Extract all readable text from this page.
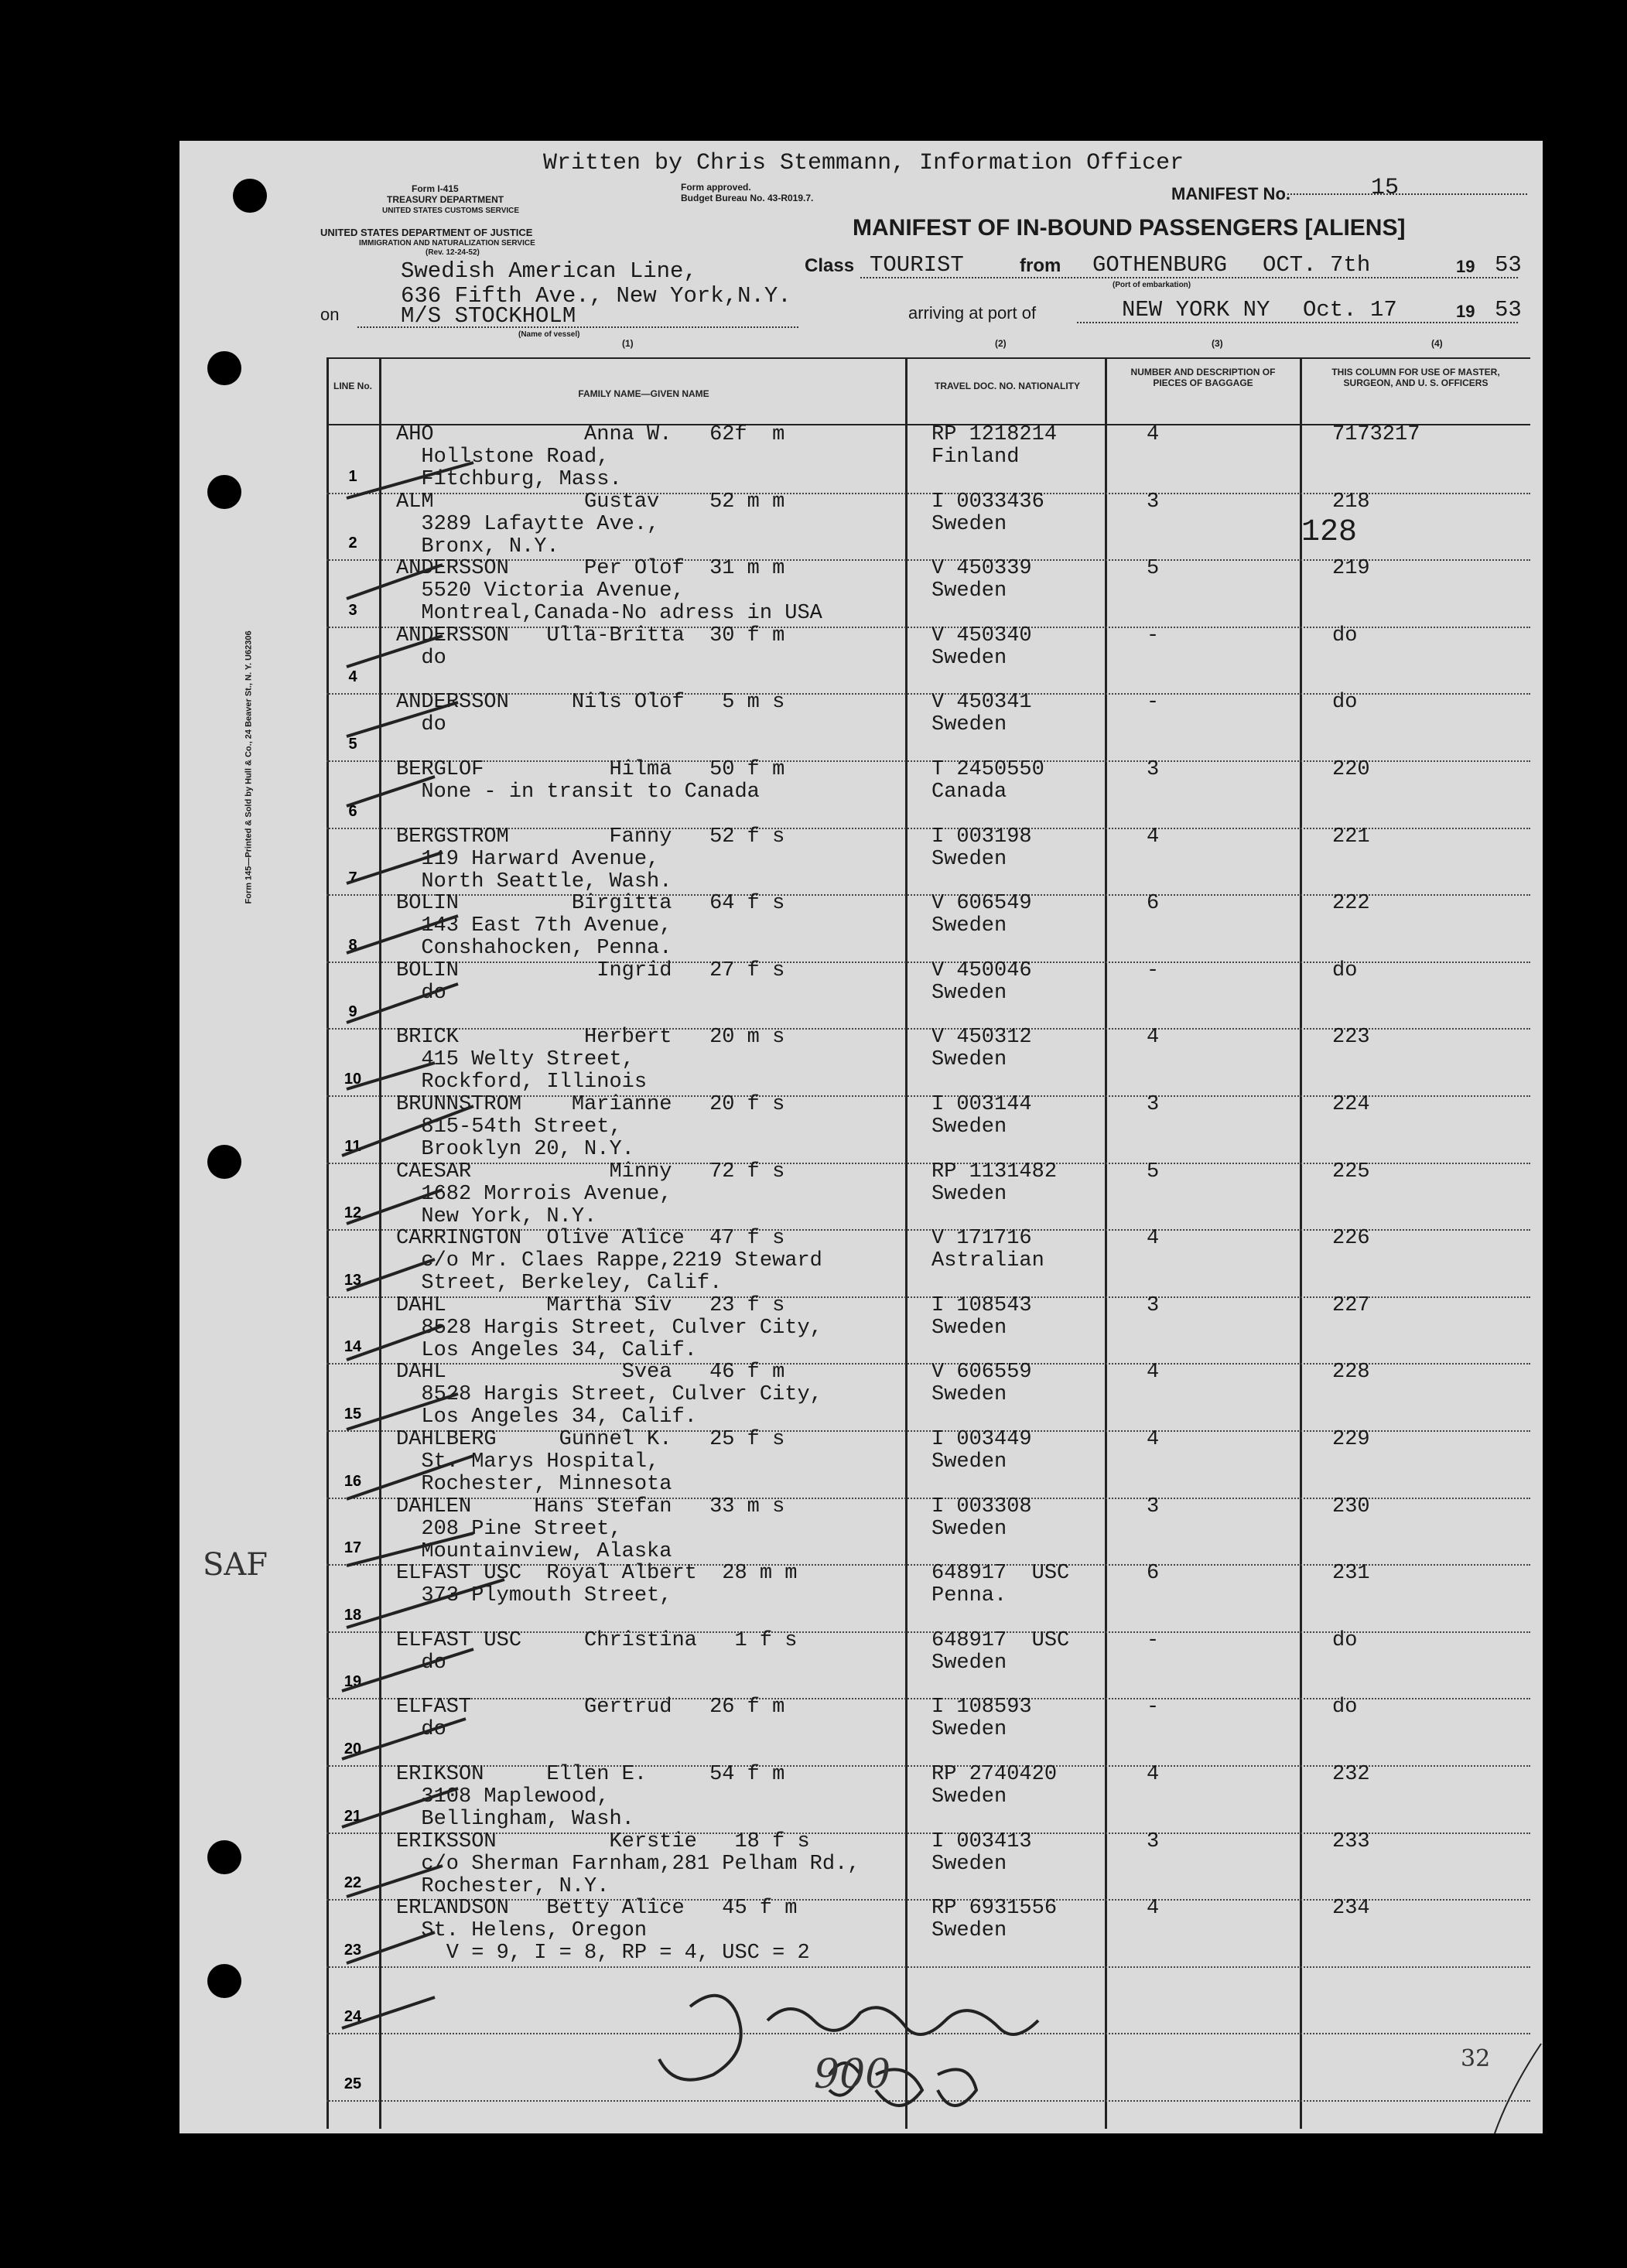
Form 145—Printed & Sold by Hull & Co., 24 Beaver St., N. Y. U62306
Written by Chris Stemmann, Information Officer
Form I-415
TREASURY DEPARTMENT
UNITED STATES CUSTOMS SERVICE
Form approved.
Budget Bureau No. 43-R019.7.
UNITED STATES DEPARTMENT OF JUSTICE
IMMIGRATION AND NATURALIZATION SERVICE
(Rev. 12-24-52)
MANIFEST No.	15
MANIFEST OF IN-BOUND PASSENGERS [ALIENS]
Swedish American Line,
636 Fifth Ave., New York,N.Y.
on	M/S STOCKHOLM
(Name of vessel)
Class TOURIST	from GOTHENBURG OCT. 7th	19 53
(Port of embarkation)
arriving at port of	NEW YORK NY Oct. 17	19 53
(1)	(2)	(3)	(4)
LINE No.
FAMILY NAME—GIVEN NAME
TRAVEL DOC. NO. NATIONALITY
NUMBER AND DESCRIPTION OF PIECES OF BAGGAGE
THIS COLUMN FOR USE OF MASTER, SURGEON, AND U. S. OFFICERS
1
AHO            Anna W.   62f  m
Hollstone Road,
Fitchburg, Mass.
RP 1218214
Finland
4	7173217
2
ALM            Gustav    52 m m
3289 Lafaytte Ave.,
Bronx, N.Y.
I 0033436
Sweden
3	218
3
ANDERSSON      Per Olof  31 m m
5520 Victoria Avenue,
Montreal,Canada-No adress in USA
V 450339
Sweden
5	219
4
ANDERSSON   Ulla-Britta  30 f m
do
V 450340
Sweden
-	do
5
ANDERSSON     Nils Olof   5 m s
do
V 450341
Sweden
-	do
6
BERGLOF          Hilma   50 f m
None - in transit to Canada
T 2450550
Canada
3	220
7
BERGSTROM        Fanny   52 f s
119 Harward Avenue,
North Seattle, Wash.
I 003198
Sweden
4	221
8
BOLIN         Birgitta   64 f s
143 East 7th Avenue,
Conshahocken, Penna.
V 606549
Sweden
6	222
9
BOLIN           Ingrid   27 f s
do
V 450046
Sweden
-	do
10
BRICK          Herbert   20 m s
415 Welty Street,
Rockford, Illinois
V 450312
Sweden
4	223
11
BRUNNSTROM    Marianne   20 f s
815-54th Street,
Brooklyn 20, N.Y.
I 003144
Sweden
3	224
12
CAESAR           Minny   72 f s
1682 Morrois Avenue,
New York, N.Y.
RP 1131482
Sweden
5	225
13
CARRINGTON  Olive Alice  47 f s
c/o Mr. Claes Rappe,2219 Steward
Street, Berkeley, Calif.
V 171716
Astralian
4	226
14
DAHL        Martha Siv   23 f s
8528 Hargis Street, Culver City,
Los Angeles 34, Calif.
I 108543
Sweden
3	227
15
DAHL              Svea   46 f m
8528 Hargis Street, Culver City,
Los Angeles 34, Calif.
V 606559
Sweden
4	228
16
DAHLBERG     Gunnel K.   25 f s
St. Marys Hospital,
Rochester, Minnesota
I 003449
Sweden
4	229
17
DAHLEN     Hans Stefan   33 m s
208 Pine Street,
Mountainview, Alaska
I 003308
Sweden
3	230
18
ELFAST USC  Royal Albert  28 m m
373 Plymouth Street,
648917  USC
Penna.
6	231
19
ELFAST USC     Christina   1 f s
do
648917  USC
Sweden
-	do
20
ELFAST         Gertrud   26 f m
do
I 108593
Sweden
-	do
21
ERIKSON     Ellen E.     54 f m
3108 Maplewood,
Bellingham, Wash.
RP 2740420
Sweden
4	232
22
ERIKSSON         Kerstie   18 f s
c/o Sherman Farnham,281 Pelham Rd.,
Rochester, N.Y.
I 003413
Sweden
3	233
23
ERLANDSON   Betty Alice   45 f m
St. Helens, Oregon
V = 9, I = 8, RP = 4, USC = 2
RP 6931556
Sweden
4	234
24
25
128
SAF
32
900
